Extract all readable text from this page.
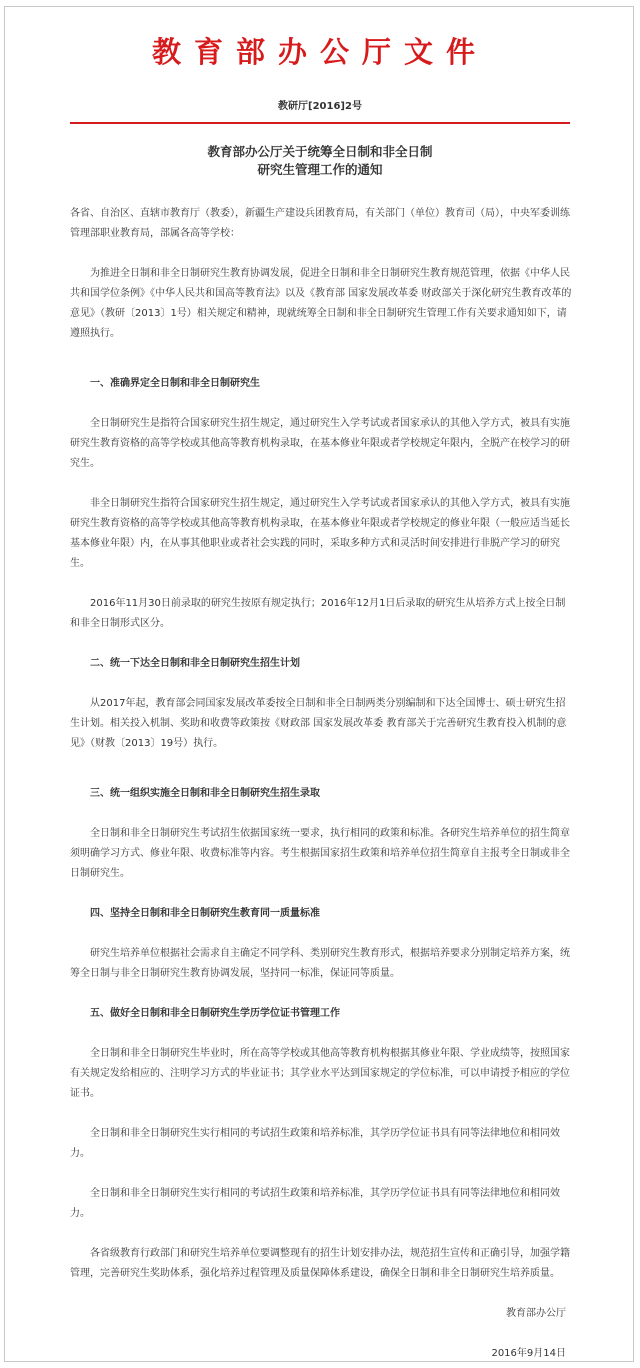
教育部办公厅文件
教研厅[2016]2号
教育部办公厅关于统筹全日制和非全日制
研究生管理工作的通知

各省、自治区、直辖市教育厅（教委），新疆生产建设兵团教育局，有关部门（单位）教育司（局），中央军委训练管理部职业教育局，部属各高等学校：

为推进全日制和非全日制研究生教育协调发展，促进全日制和非全日制研究生教育规范管理，依据《中华人民共和国学位条例》《中华人民共和国高等教育法》以及《教育部 国家发展改革委 财政部关于深化研究生教育改革的意见》（教研〔2013〕1号）相关规定和精神，现就统筹全日制和非全日制研究生管理工作有关要求通知如下，请遵照执行。

一、准确界定全日制和非全日制研究生

全日制研究生是指符合国家研究生招生规定，通过研究生入学考试或者国家承认的其他入学方式，被具有实施研究生教育资格的高等学校或其他高等教育机构录取，在基本修业年限或者学校规定年限内，全脱产在校学习的研究生。

非全日制研究生指符合国家研究生招生规定，通过研究生入学考试或者国家承认的其他入学方式，被具有实施研究生教育资格的高等学校或其他高等教育机构录取，在基本修业年限或者学校规定的修业年限（一般应适当延长基本修业年限）内，在从事其他职业或者社会实践的同时，采取多种方式和灵活时间安排进行非脱产学习的研究生。

2016年11月30日前录取的研究生按原有规定执行；2016年12月1日后录取的研究生从培养方式上按全日制和非全日制形式区分。

二、统一下达全日制和非全日制研究生招生计划

从2017年起，教育部会同国家发展改革委按全日制和非全日制两类分别编制和下达全国博士、硕士研究生招生计划。相关投入机制、奖助和收费等政策按《财政部 国家发展改革委 教育部关于完善研究生教育投入机制的意见》（财教〔2013〕19号）执行。

三、统一组织实施全日制和非全日制研究生招生录取

全日制和非全日制研究生考试招生依据国家统一要求，执行相同的政策和标准。各研究生培养单位的招生简章须明确学习方式、修业年限、收费标准等内容。考生根据国家招生政策和培养单位招生简章自主报考全日制或非全日制研究生。

四、坚持全日制和非全日制研究生教育同一质量标准

研究生培养单位根据社会需求自主确定不同学科、类别研究生教育形式，根据培养要求分别制定培养方案，统筹全日制与非全日制研究生教育协调发展，坚持同一标准，保证同等质量。

五、做好全日制和非全日制研究生学历学位证书管理工作

全日制和非全日制研究生毕业时，所在高等学校或其他高等教育机构根据其修业年限、学业成绩等，按照国家有关规定发给相应的、注明学习方式的毕业证书；其学业水平达到国家规定的学位标准，可以申请授予相应的学位证书。

全日制和非全日制研究生实行相同的考试招生政策和培养标准，其学历学位证书具有同等法律地位和相同效力。

全日制和非全日制研究生实行相同的考试招生政策和培养标准，其学历学位证书具有同等法律地位和相同效力。

各省级教育行政部门和研究生培养单位要调整现有的招生计划安排办法，规范招生宣传和正确引导，加强学籍管理，完善研究生奖助体系，强化培养过程管理及质量保障体系建设，确保全日制和非全日制研究生培养质量。

教育部办公厅

2016年9月14日
